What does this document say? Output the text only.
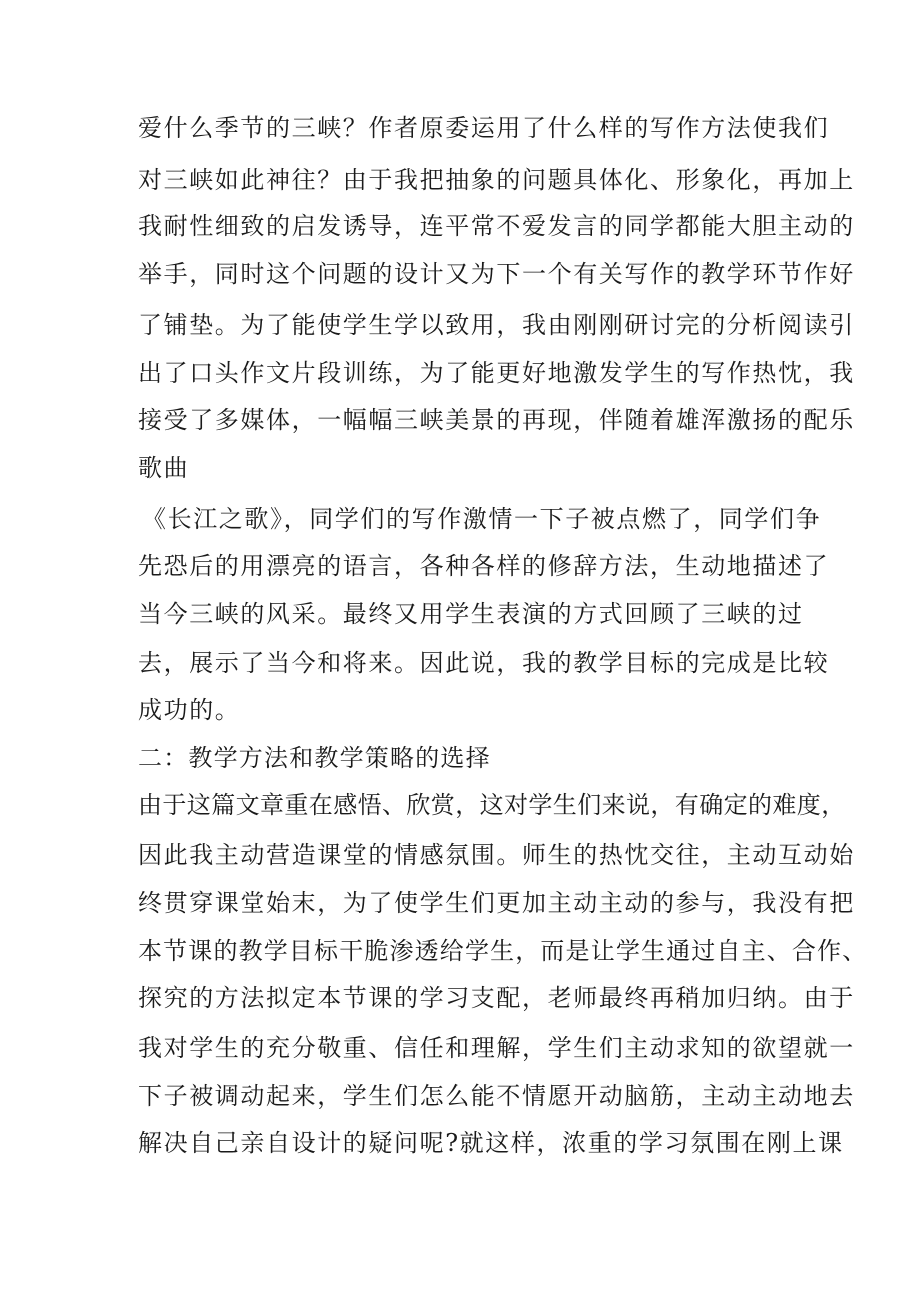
爱什么季节的三峡？作者原委运用了什么样的写作方法使我们

对三峡如此神往？由于我把抽象的问题具体化、形象化，再加上

我耐性细致的启发诱导，连平常不爱发言的同学都能大胆主动的

举手，同时这个问题的设计又为下一个有关写作的教学环节作好

了铺垫。为了能使学生学以致用，我由刚刚研讨完的分析阅读引

出了口头作文片段训练，为了能更好地激发学生的写作热忱，我

接受了多媒体，一幅幅三峡美景的再现，伴随着雄浑激扬的配乐

歌曲

《长江之歌》，同学们的写作激情一下子被点燃了，同学们争

先恐后的用漂亮的语言，各种各样的修辞方法，生动地描述了

当今三峡的风采。最终又用学生表演的方式回顾了三峡的过

去，展示了当今和将来。因此说，我的教学目标的完成是比较

成功的。

二：教学方法和教学策略的选择

由于这篇文章重在感悟、欣赏，这对学生们来说，有确定的难度，

因此我主动营造课堂的情感氛围。师生的热忱交往，主动互动始

终贯穿课堂始末，为了使学生们更加主动主动的参与，我没有把

本节课的教学目标干脆渗透给学生，而是让学生通过自主、合作、

探究的方法拟定本节课的学习支配，老师最终再稍加归纳。由于

我对学生的充分敬重、信任和理解，学生们主动求知的欲望就一

下子被调动起来，学生们怎么能不情愿开动脑筋，主动主动地去

解决自己亲自设计的疑问呢?就这样，浓重的学习氛围在刚上课
